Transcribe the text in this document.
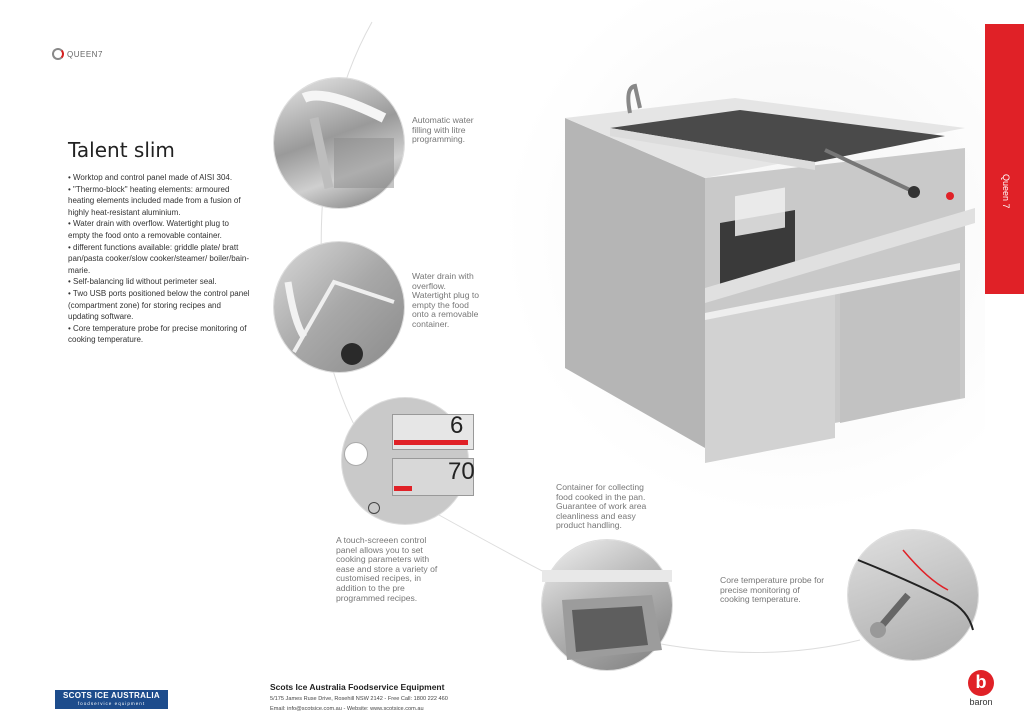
QUEEN7
Talent slim
• Worktop and control panel made of AISI 304.
• "Thermo-block" heating elements: armoured heating elements included made from a fusion of highly heat-resistant aluminium.
• Water drain with overflow. Watertight plug to empty the food onto a removable container.
• different functions available: griddle plate/ bratt pan/pasta cooker/slow cooker/steamer/ boiler/bain-marie.
• Self-balancing lid without perimeter seal.
• Two USB ports positioned below the control panel (compartment zone) for storing recipes and updating software.
• Core temperature probe for precise monitoring of cooking temperature.

Automatic water filling with litre programming.

Water drain with overflow. Watertight plug to empty the food onto a removable container.

6
70

A touch-screeen control panel allows you to set cooking parameters with ease and store a variety of customised recipes, in addition to the pre programmed recipes.

Container for collecting food cooked in the pan. Guarantee of work area cleanliness and easy product handling.

Core temperature probe for precise monitoring of cooking temperature.

Queen 7
SCOTS ICE AUSTRALIA
foodservice equipment
Scots Ice Australia Foodservice Equipment
5/175 James Ruse Drive, Rosehill NSW 2142 - Free Call: 1800 222 460
Email: info@scotsice.com.au - Website: www.scotsice.com.au
b
baron
